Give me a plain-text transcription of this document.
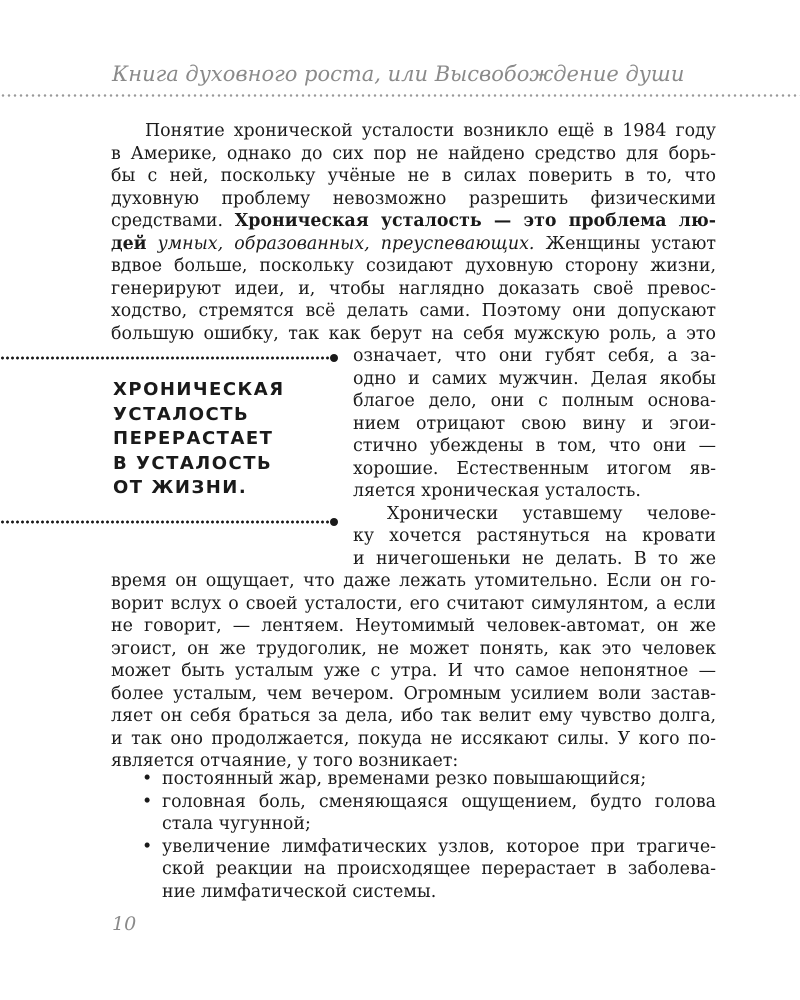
Книга духовного роста, или Высвобождение души
Понятие хронической усталости возникло ещё в 1984 году
в Америке, однако до сих пор не найдено средство для борь-
бы с ней, поскольку учёные не в силах поверить в то, что
духовную проблему невозможно разрешить физическими
средствами. Хроническая усталость — это проблема лю-
дей умных, образованных, преуспевающих. Женщины устают
вдвое больше, поскольку созидают духовную сторону жизни,
генерируют идеи, и, чтобы наглядно доказать своё превос-
ходство, стремятся всё делать сами. Поэтому они допускают
большую ошибку, так как берут на себя мужскую роль, а это
означает, что они губят себя, а за-
одно и самих мужчин. Делая якобы
благое дело, они с полным основа-
нием отрицают свою вину и эгои-
стично убеждены в том, что они —
хорошие. Естественным итогом яв-
ляется хроническая усталость.
Хронически уставшему челове-
ку хочется растянуться на кровати
и ничегошеньки не делать. В то же
время он ощущает, что даже лежать утомительно. Если он го-
ворит вслух о своей усталости, его считают симулянтом, а если
не говорит, — лентяем. Неутомимый человек-автомат, он же
эгоист, он же трудоголик, не может понять, как это человек
может быть усталым уже с утра. И что самое непонятное —
более усталым, чем вечером. Огромным усилием воли застав-
ляет он себя браться за дела, ибо так велит ему чувство долга,
и так оно продолжается, покуда не иссякают силы. У кого по-
является отчаяние, у того возникает:
ХРОНИЧЕСКАЯ
УСТАЛОСТЬ
ПЕРЕРАСТАЕТ
В УСТАЛОСТЬ
ОТ ЖИЗНИ.
• постоянный жар, временами резко повышающийся;
• головная боль, сменяющаяся ощущением, будто голова
стала чугунной;
• увеличение лимфатических узлов, которое при трагиче-
ской реакции на происходящее перерастает в заболева-
ние лимфатической системы.
10
